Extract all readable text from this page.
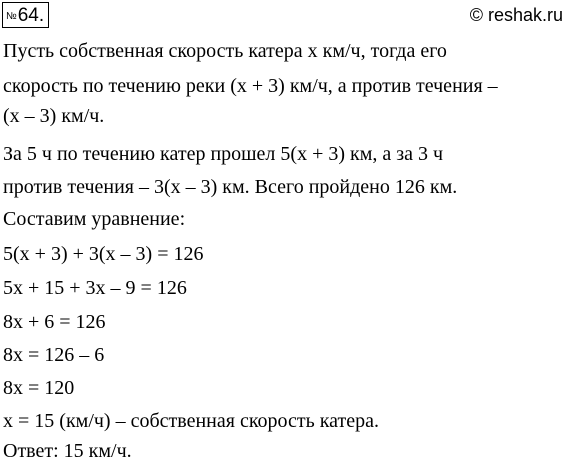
№64.	© reshak.ru
Пусть собственная скорость катера x км/ч, тогда его
скорость по течению реки (x + 3) км/ч, а против течения –
(x – 3) км/ч.
За 5 ч по течению катер прошел 5(x + 3) км, а за 3 ч
против течения – 3(x – 3) км. Всего пройдено 126 км.
Составим уравнение:
5(x + 3) + 3(x – 3) = 126
5x + 15 + 3x – 9 = 126
8x + 6 = 126
8x = 126 – 6
8x = 120
x = 15 (км/ч) – собственная скорость катера.
Ответ: 15 км/ч.
